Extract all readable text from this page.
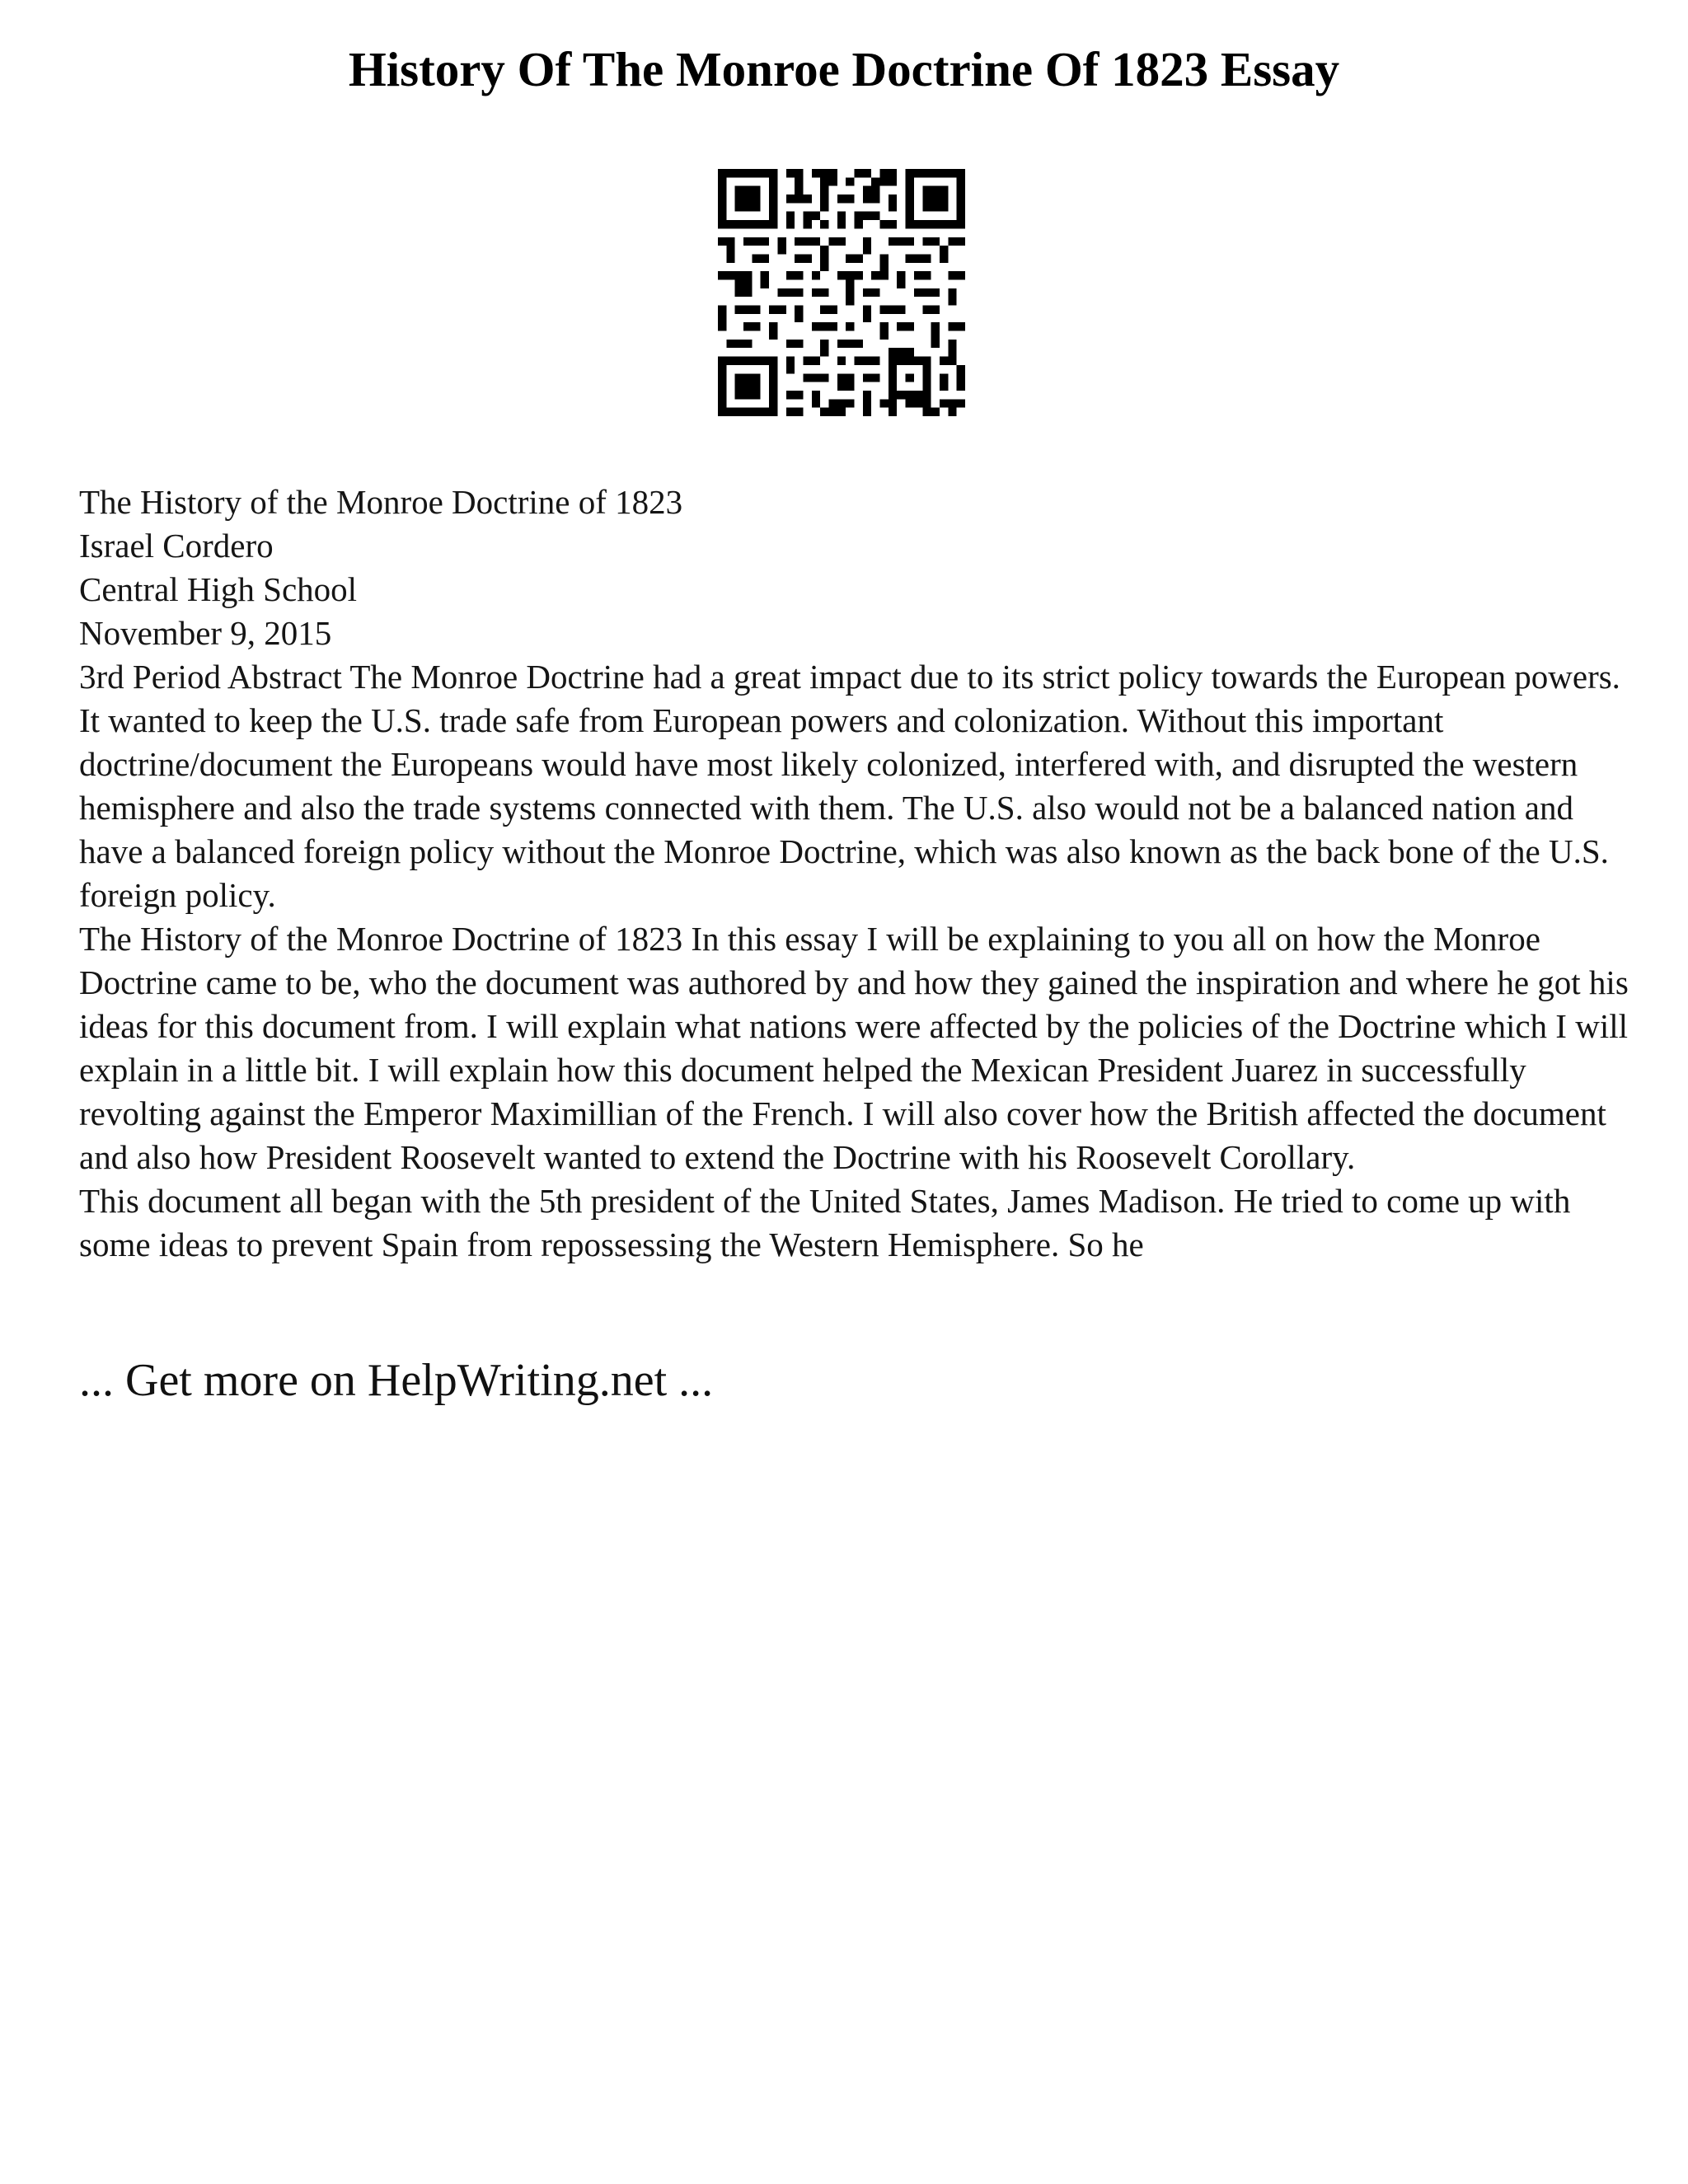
History Of The Monroe Doctrine Of 1823 Essay

The History of the Monroe Doctrine of 1823

Israel Cordero

Central High School

November 9, 2015

3rd Period Abstract The Monroe Doctrine had a great impact due to its strict policy towards the European powers. It wanted to keep the U.S. trade safe from European powers and colonization. Without this important doctrine/document the Europeans would have most likely colonized, interfered with, and disrupted the western hemisphere and also the trade systems connected with them. The U.S. also would not be a balanced nation and have a balanced foreign policy without the Monroe Doctrine, which was also known as the back bone of the U.S. foreign policy.

The History of the Monroe Doctrine of 1823 In this essay I will be explaining to you all on how the Monroe Doctrine came to be, who the document was authored by and how they gained the inspiration and where he got his ideas for this document from. I will explain what nations were affected by the policies of the Doctrine which I will explain in a little bit. I will explain how this document helped the Mexican President Juarez in successfully revolting against the Emperor Maximillian of the French. I will also cover how the British affected the document and also how President Roosevelt wanted to extend the Doctrine with his Roosevelt Corollary.

This document all began with the 5th president of the United States, James Madison. He tried to come up with some ideas to prevent Spain from repossessing the Western Hemisphere. So he

... Get more on HelpWriting.net ...
